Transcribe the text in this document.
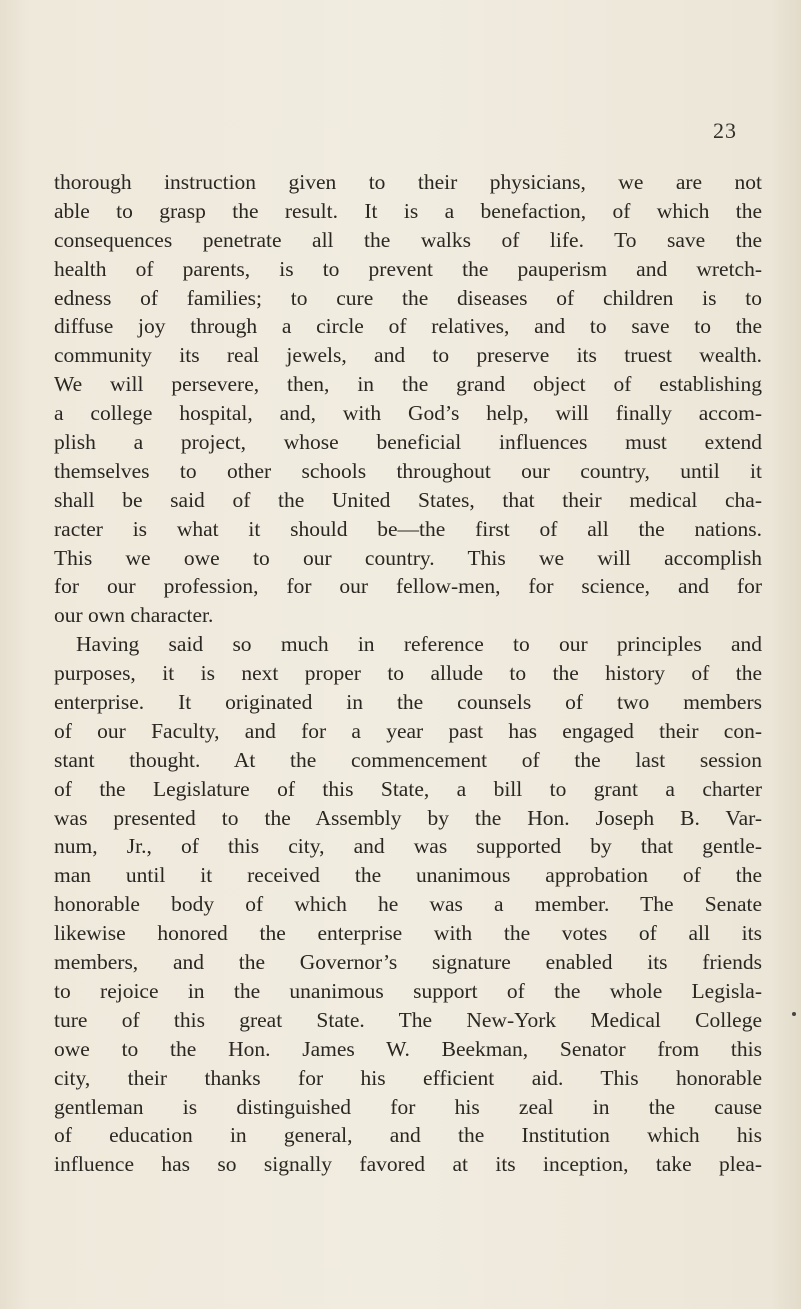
23
thorough instruction given to their physicians, we are not
able to grasp the result. It is a benefaction, of which the
consequences penetrate all the walks of life. To save the
health of parents, is to prevent the pauperism and wretch-
edness of families; to cure the diseases of children is to
diffuse joy through a circle of relatives, and to save to the
community its real jewels, and to preserve its truest wealth.
We will persevere, then, in the grand object of establishing
a college hospital, and, with God’s help, will finally accom-
plish a project, whose beneficial influences must extend
themselves to other schools throughout our country, until it
shall be said of the United States, that their medical cha-
racter is what it should be—the first of all the nations.
This we owe to our country. This we will accomplish
for our profession, for our fellow-men, for science, and for
our own character.
Having said so much in reference to our principles and
purposes, it is next proper to allude to the history of the
enterprise. It originated in the counsels of two members
of our Faculty, and for a year past has engaged their con-
stant thought. At the commencement of the last session
of the Legislature of this State, a bill to grant a charter
was presented to the Assembly by the Hon. Joseph B. Var-
num, Jr., of this city, and was supported by that gentle-
man until it received the unanimous approbation of the
honorable body of which he was a member. The Senate
likewise honored the enterprise with the votes of all its
members, and the Governor’s signature enabled its friends
to rejoice in the unanimous support of the whole Legisla-
ture of this great State. The New-York Medical College
owe to the Hon. James W. Beekman, Senator from this
city, their thanks for his efficient aid. This honorable
gentleman is distinguished for his zeal in the cause
of education in general, and the Institution which his
influence has so signally favored at its inception, take plea-
